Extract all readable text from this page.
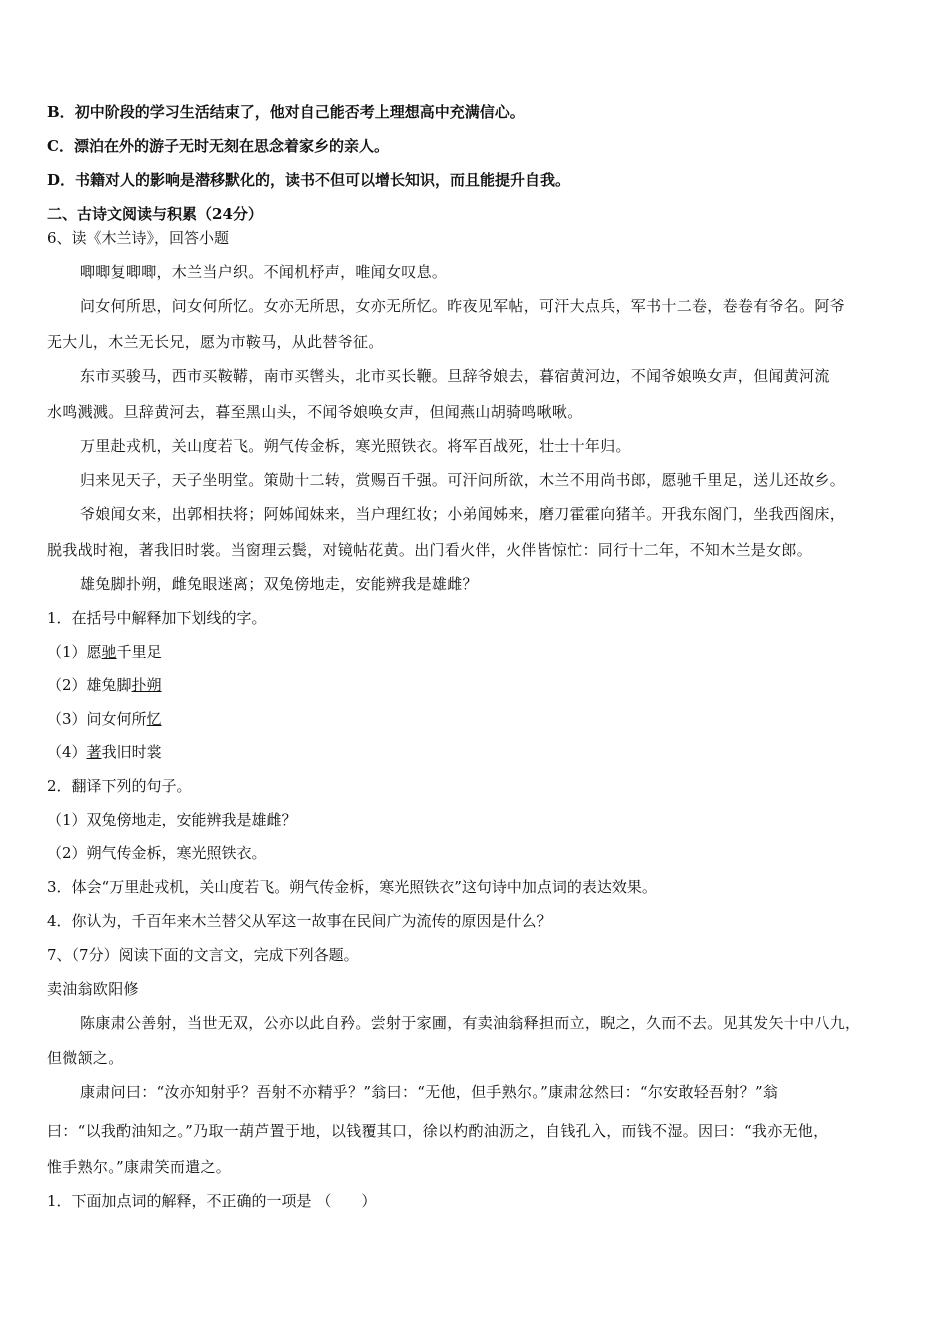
B．初中阶段的学习生活结束了，他对自己能否考上理想高中充满信心。
C．漂泊在外的游子无时无刻在思念着家乡的亲人。
D．书籍对人的影响是潜移默化的，读书不但可以增长知识，而且能提升自我。
二、古诗文阅读与积累（24分）
6、读《木兰诗》，回答小题
唧唧复唧唧，木兰当户织。不闻机杼声，唯闻女叹息。
问女何所思，问女何所忆。女亦无所思，女亦无所忆。昨夜见军帖，可汗大点兵，军书十二卷，卷卷有爷名。阿爷
无大儿，木兰无长兄，愿为市鞍马，从此替爷征。
东市买骏马，西市买鞍鞯，南市买辔头，北市买长鞭。旦辞爷娘去，暮宿黄河边，不闻爷娘唤女声，但闻黄河流
水鸣溅溅。旦辞黄河去，暮至黑山头，不闻爷娘唤女声，但闻燕山胡骑鸣啾啾。
万里赴戎机，关山度若飞。朔气传金柝，寒光照铁衣。将军百战死，壮士十年归。
归来见天子，天子坐明堂。策勋十二转，赏赐百千强。可汗问所欲，木兰不用尚书郎，愿驰千里足，送儿还故乡。
爷娘闻女来，出郭相扶将；阿姊闻妹来，当户理红妆；小弟闻姊来，磨刀霍霍向猪羊。开我东阁门，坐我西阁床，
脱我战时袍，著我旧时裳。当窗理云鬓，对镜帖花黄。出门看火伴，火伴皆惊忙：同行十二年，不知木兰是女郎。
雄兔脚扑朔，雌兔眼迷离；双兔傍地走，安能辨我是雄雌？
1．在括号中解释加下划线的字。
（1）愿驰千里足
（2）雄兔脚扑朔
（3）问女何所忆
（4）著我旧时裳
2．翻译下列的句子。
（1）双兔傍地走，安能辨我是雄雌？
（2）朔气传金柝，寒光照铁衣。
3．体会“万里赴戎机，关山度若飞。朔气传金柝，寒光照铁衣”这句诗中加点词的表达效果。
4．你认为，千百年来木兰替父从军这一故事在民间广为流传的原因是什么？
7、（7分）阅读下面的文言文，完成下列各题。
卖油翁欧阳修
陈康肃公善射，当世无双，公亦以此自矜。尝射于家圃，有卖油翁释担而立，睨之，久而不去。见其发矢十中八九，
但微颔之。
康肃问曰：“汝亦知射乎？吾射不亦精乎？”翁曰：“无他，但手熟尔。”康肃忿然曰：“尔安敢轻吾射？”翁
曰：“以我酌油知之。”乃取一葫芦置于地，以钱覆其口，徐以杓酌油沥之，自钱孔入，而钱不湿。因曰：“我亦无他，
惟手熟尔。”康肃笑而遣之。
1．下面加点词的解释，不正确的一项是 （　　）
